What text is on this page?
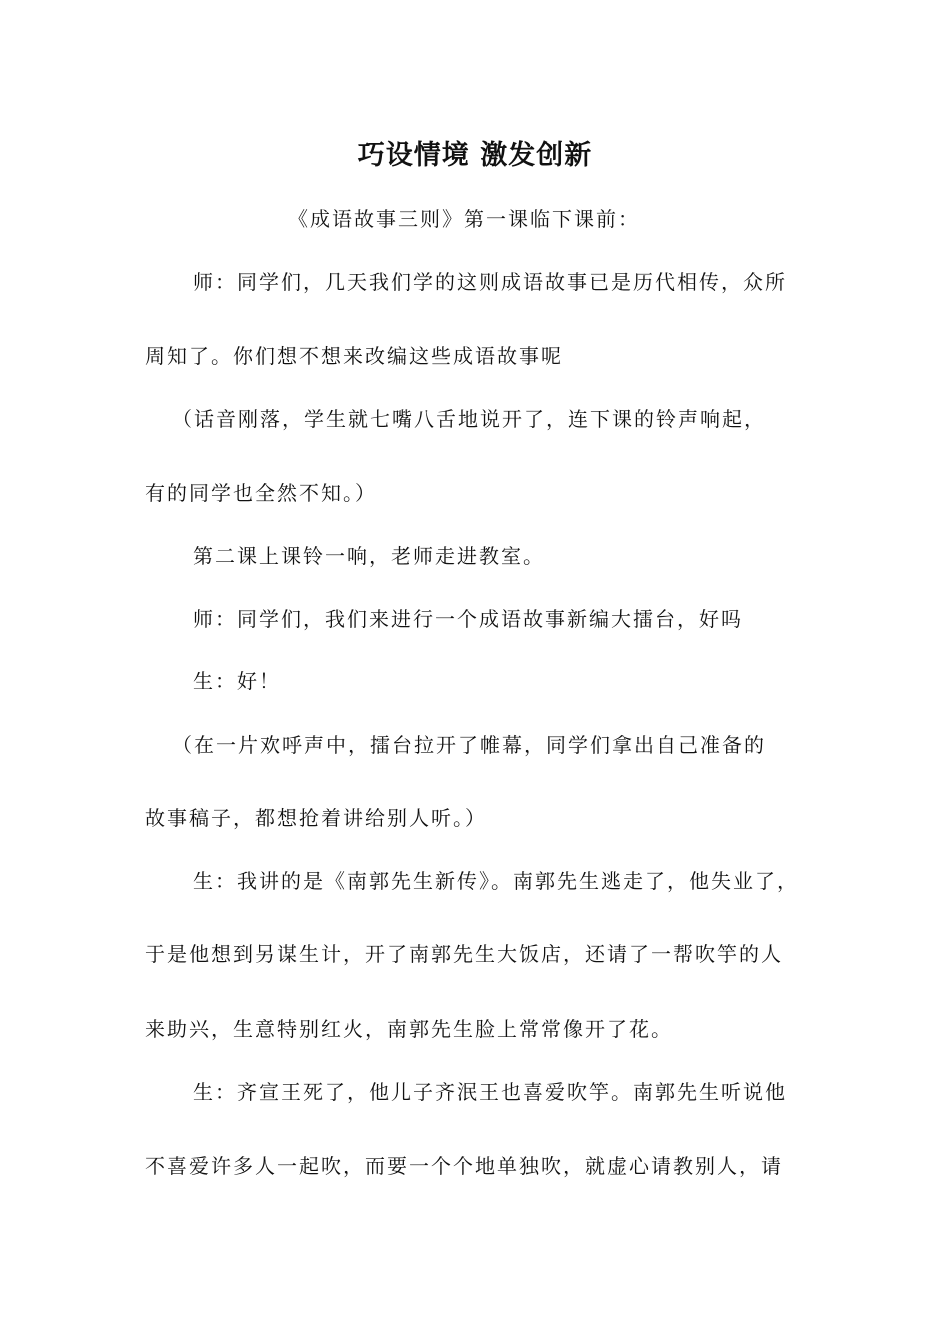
巧设情境 激发创新
《成语故事三则》第一课临下课前：
师：同学们，几天我们学的这则成语故事已是历代相传，众所
周知了。你们想不想来改编这些成语故事呢
（话音刚落，学生就七嘴八舌地说开了，连下课的铃声响起，
有的同学也全然不知。）
第二课上课铃一响，老师走进教室。
师：同学们，我们来进行一个成语故事新编大擂台，好吗
生：好！
（在一片欢呼声中，擂台拉开了帷幕，同学们拿出自己准备的
故事稿子，都想抢着讲给别人听。）
生：我讲的是《南郭先生新传》。南郭先生逃走了，他失业了，
于是他想到另谋生计，开了南郭先生大饭店，还请了一帮吹竽的人
来助兴，生意特别红火，南郭先生脸上常常像开了花。
生：齐宣王死了，他儿子齐泯王也喜爱吹竽。南郭先生听说他
不喜爱许多人一起吹，而要一个个地单独吹，就虚心请教别人，请
